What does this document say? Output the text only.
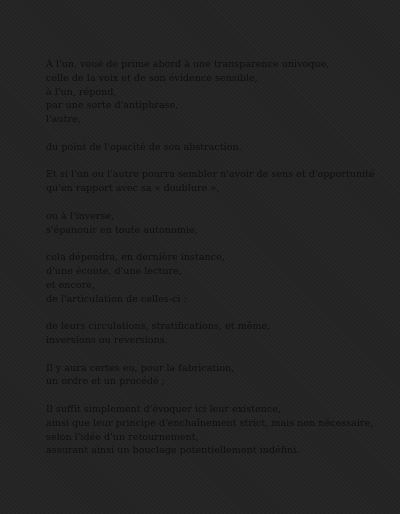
À l'un, voué de prime abord à une transparence univoque,
celle de la voix et de son évidence sensible,
à l'un, répond,
par une sorte d'antiphrase,
l'autre,
du point de l'opacité de son abstraction.
Et si l'un ou l'autre pourra sembler n'avoir de sens et d'opportunité
qu'en rapport avec sa « doublure »,
ou à l'inverse,
s'épanouir en toute autonomie,
cela dépendra, en dernière instance,
d'une écoute, d'une lecture,
et encore,
de l'articulation de celles-ci :
de leurs circulations, stratifications, et même,
inversions ou reversions.
Il y aura certes eu, pour la fabrication,
un ordre et un procédé ;
Il suffit simplement d'évoquer ici leur existence,
ainsi que leur principe d'enchaînement strict, mais non nécessaire,
selon l'idée d'un retournement,
assurant ainsi un bouclage potentiellement indéfini.
